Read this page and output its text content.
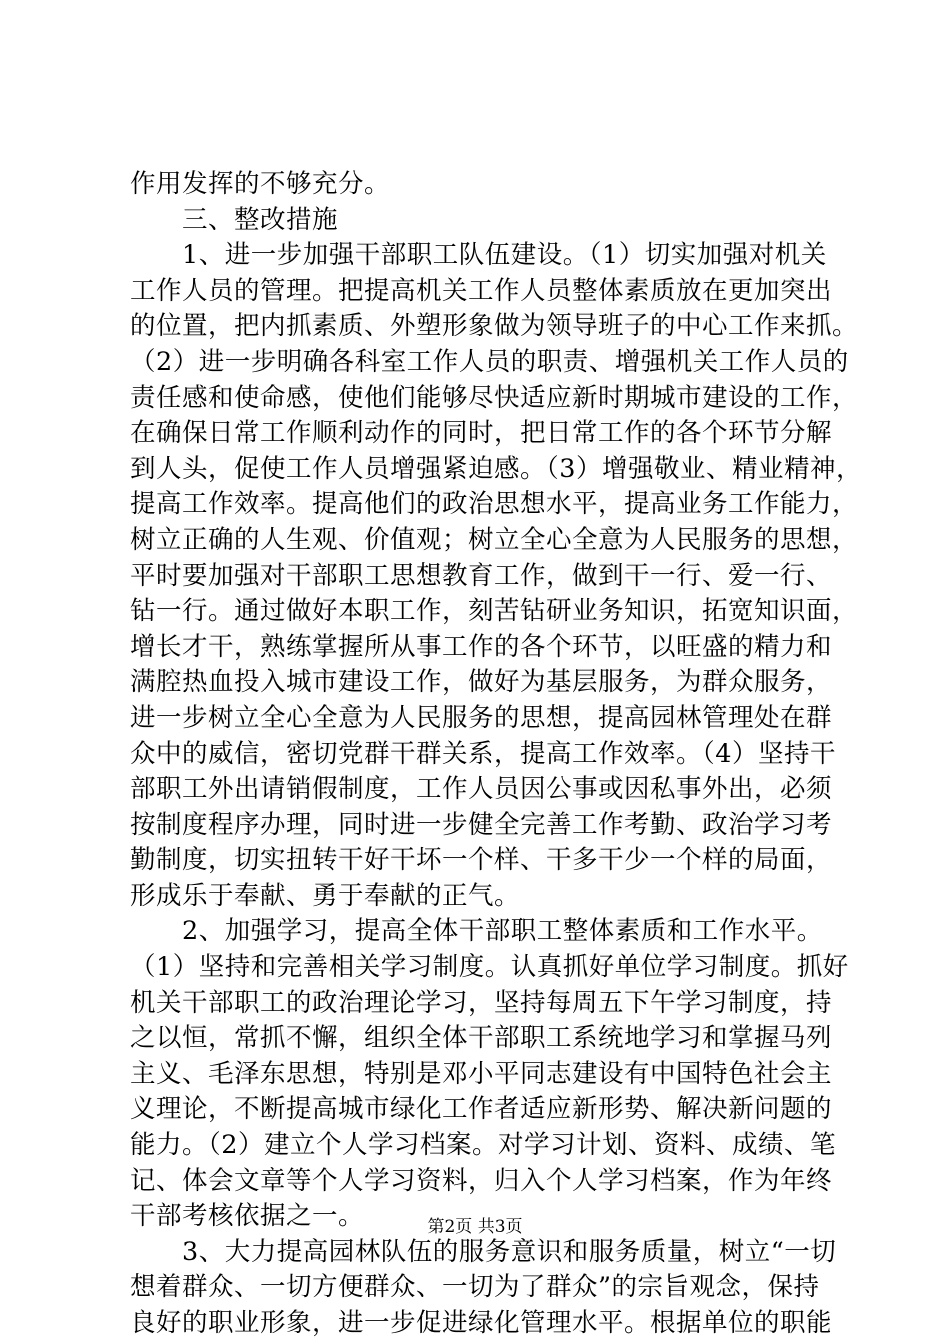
作用发挥的不够充分。
三、整改措施
1、进一步加强干部职工队伍建设。（1）切实加强对机关
工作人员的管理。把提高机关工作人员整体素质放在更加突出
的位置，把内抓素质、外塑形象做为领导班子的中心工作来抓。
（2）进一步明确各科室工作人员的职责、增强机关工作人员的
责任感和使命感，使他们能够尽快适应新时期城市建设的工作，
在确保日常工作顺利动作的同时，把日常工作的各个环节分解
到人头，促使工作人员增强紧迫感。（3）增强敬业、精业精神，
提高工作效率。提高他们的政治思想水平，提高业务工作能力，
树立正确的人生观、价值观；树立全心全意为人民服务的思想，
平时要加强对干部职工思想教育工作，做到干一行、爱一行、
钻一行。通过做好本职工作，刻苦钻研业务知识，拓宽知识面，
增长才干，熟练掌握所从事工作的各个环节，以旺盛的精力和
满腔热血投入城市建设工作，做好为基层服务，为群众服务，
进一步树立全心全意为人民服务的思想，提高园林管理处在群
众中的威信，密切党群干群关系，提高工作效率。（4）坚持干
部职工外出请销假制度，工作人员因公事或因私事外出，必须
按制度程序办理，同时进一步健全完善工作考勤、政治学习考
勤制度，切实扭转干好干坏一个样、干多干少一个样的局面，
形成乐于奉献、勇于奉献的正气。
2、加强学习，提高全体干部职工整体素质和工作水平。
（1）坚持和完善相关学习制度。认真抓好单位学习制度。抓好
机关干部职工的政治理论学习，坚持每周五下午学习制度，持
之以恒，常抓不懈，组织全体干部职工系统地学习和掌握马列
主义、毛泽东思想，特别是邓小平同志建设有中国特色社会主
义理论，不断提高城市绿化工作者适应新形势、解决新问题的
能力。（2）建立个人学习档案。对学习计划、资料、成绩、笔
记、体会文章等个人学习资料，归入个人学习档案，作为年终
干部考核依据之一。
3、大力提高园林队伍的服务意识和服务质量，树立“一切
想着群众、一切方便群众、一切为了群众”的宗旨观念，保持
良好的职业形象，进一步促进绿化管理水平。根据单位的职能
第2页 共3页
